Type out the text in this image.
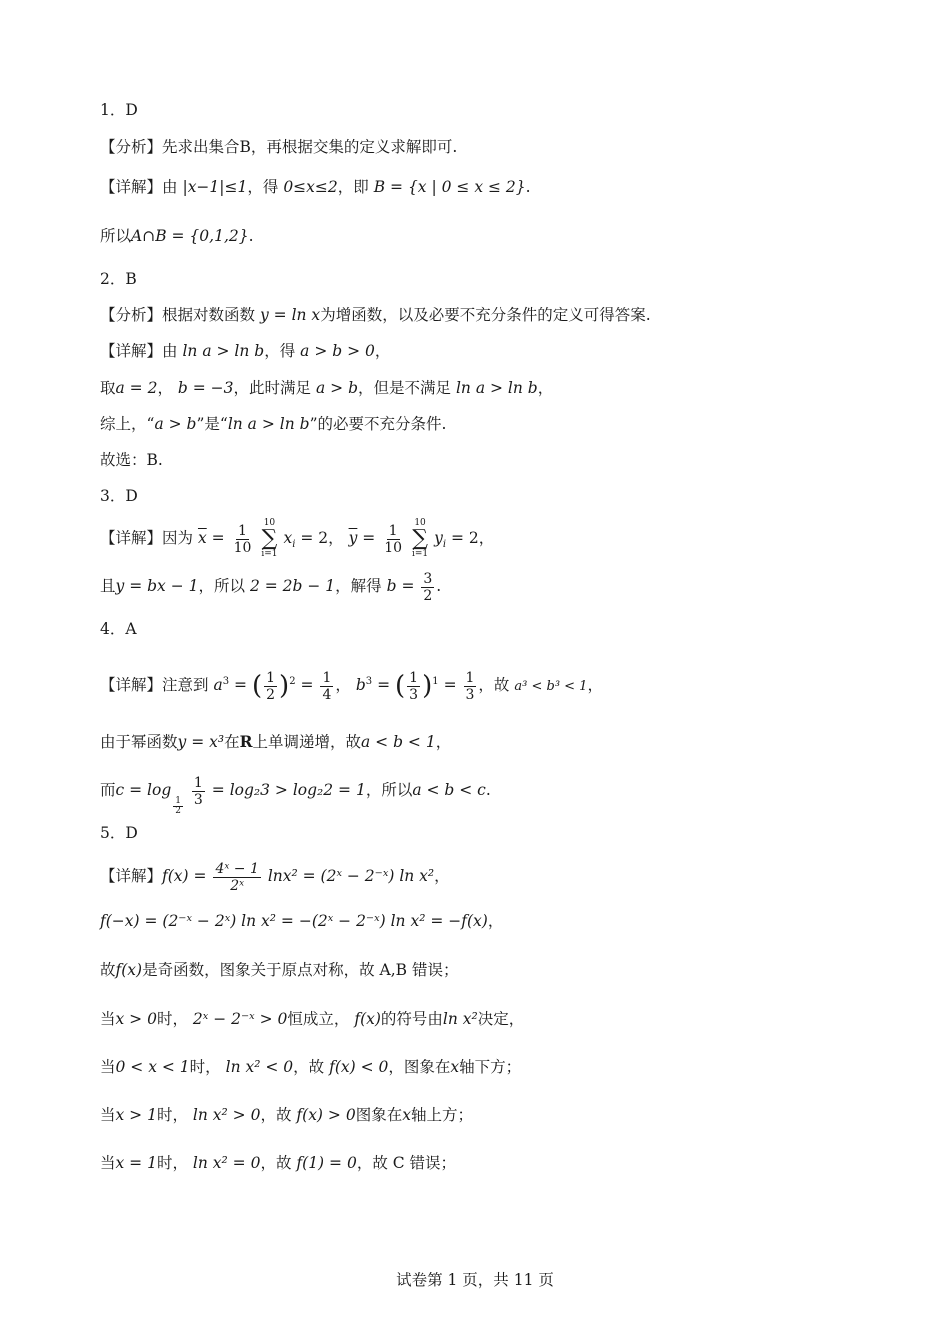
1．D
【分析】先求出集合B，再根据交集的定义求解即可.
【详解】由 |x−1|≤1，得 0≤x≤2，即 B = {x | 0 ≤ x ≤ 2}.
所以A∩B = {0,1,2}.
2．B
【分析】根据对数函数 y = ln x为增函数，以及必要不充分条件的定义可得答案.
【详解】由 ln a > ln b，得 a > b > 0，
取a = 2， b = −3，此时满足 a > b，但是不满足 ln a > ln b，
综上，“a > b”是“ln a > ln b”的必要不充分条件.
故选：B.
3．D
【详解】因为 $\overline{x} = \frac{1}{10}$
10
∑
i=1
$x_i = 2$， $\overline{y} = \frac{1}{10}$
10
∑
i=1
$y_i = 2$，
且y = bx − 1，所以 2 = 2b − 1，解得 $b = \frac{3}{2}$ .
4．A
【详解】注意到 $a^3$ = ( $\frac{1}{2} )^2 = \frac{1}{4}$ ， $b^3$ = ( $\frac{1}{3} )^1 = \frac{1}{3}$ ，故 a³ < b³ < 1，
由于幂函数y = x³在R上单调递增，故a < b < 1，
而c = log
$\frac{1}{2}$
$\frac{1}{3} = \log_23 > \log_22 = 1$，所以a < b < c.
5．D
【详解】$f(x) = \frac{\text{4ˣ − 1}}{\text{2ˣ}} \ln x^2$ = (2ˣ − 2⁻ˣ) ln x²，
f(−x) = (2⁻ˣ − 2ˣ) ln x² = −(2ˣ − 2⁻ˣ) ln x² = −f(x)，
故f(x)是奇函数，图象关于原点对称，故 A,B 错误；
当x > 0时， 2ˣ − 2⁻ˣ > 0恒成立， f(x)的符号由ln x²决定，
当0 < x < 1时， ln x² < 0，故 f(x) < 0，图象在x轴下方；
当x > 1时， ln x² > 0，故 f(x) > 0图象在x轴上方；
当x = 1时， ln x² = 0，故 f(1) = 0，故 C 错误；
试卷第 1 页，共 11 页
